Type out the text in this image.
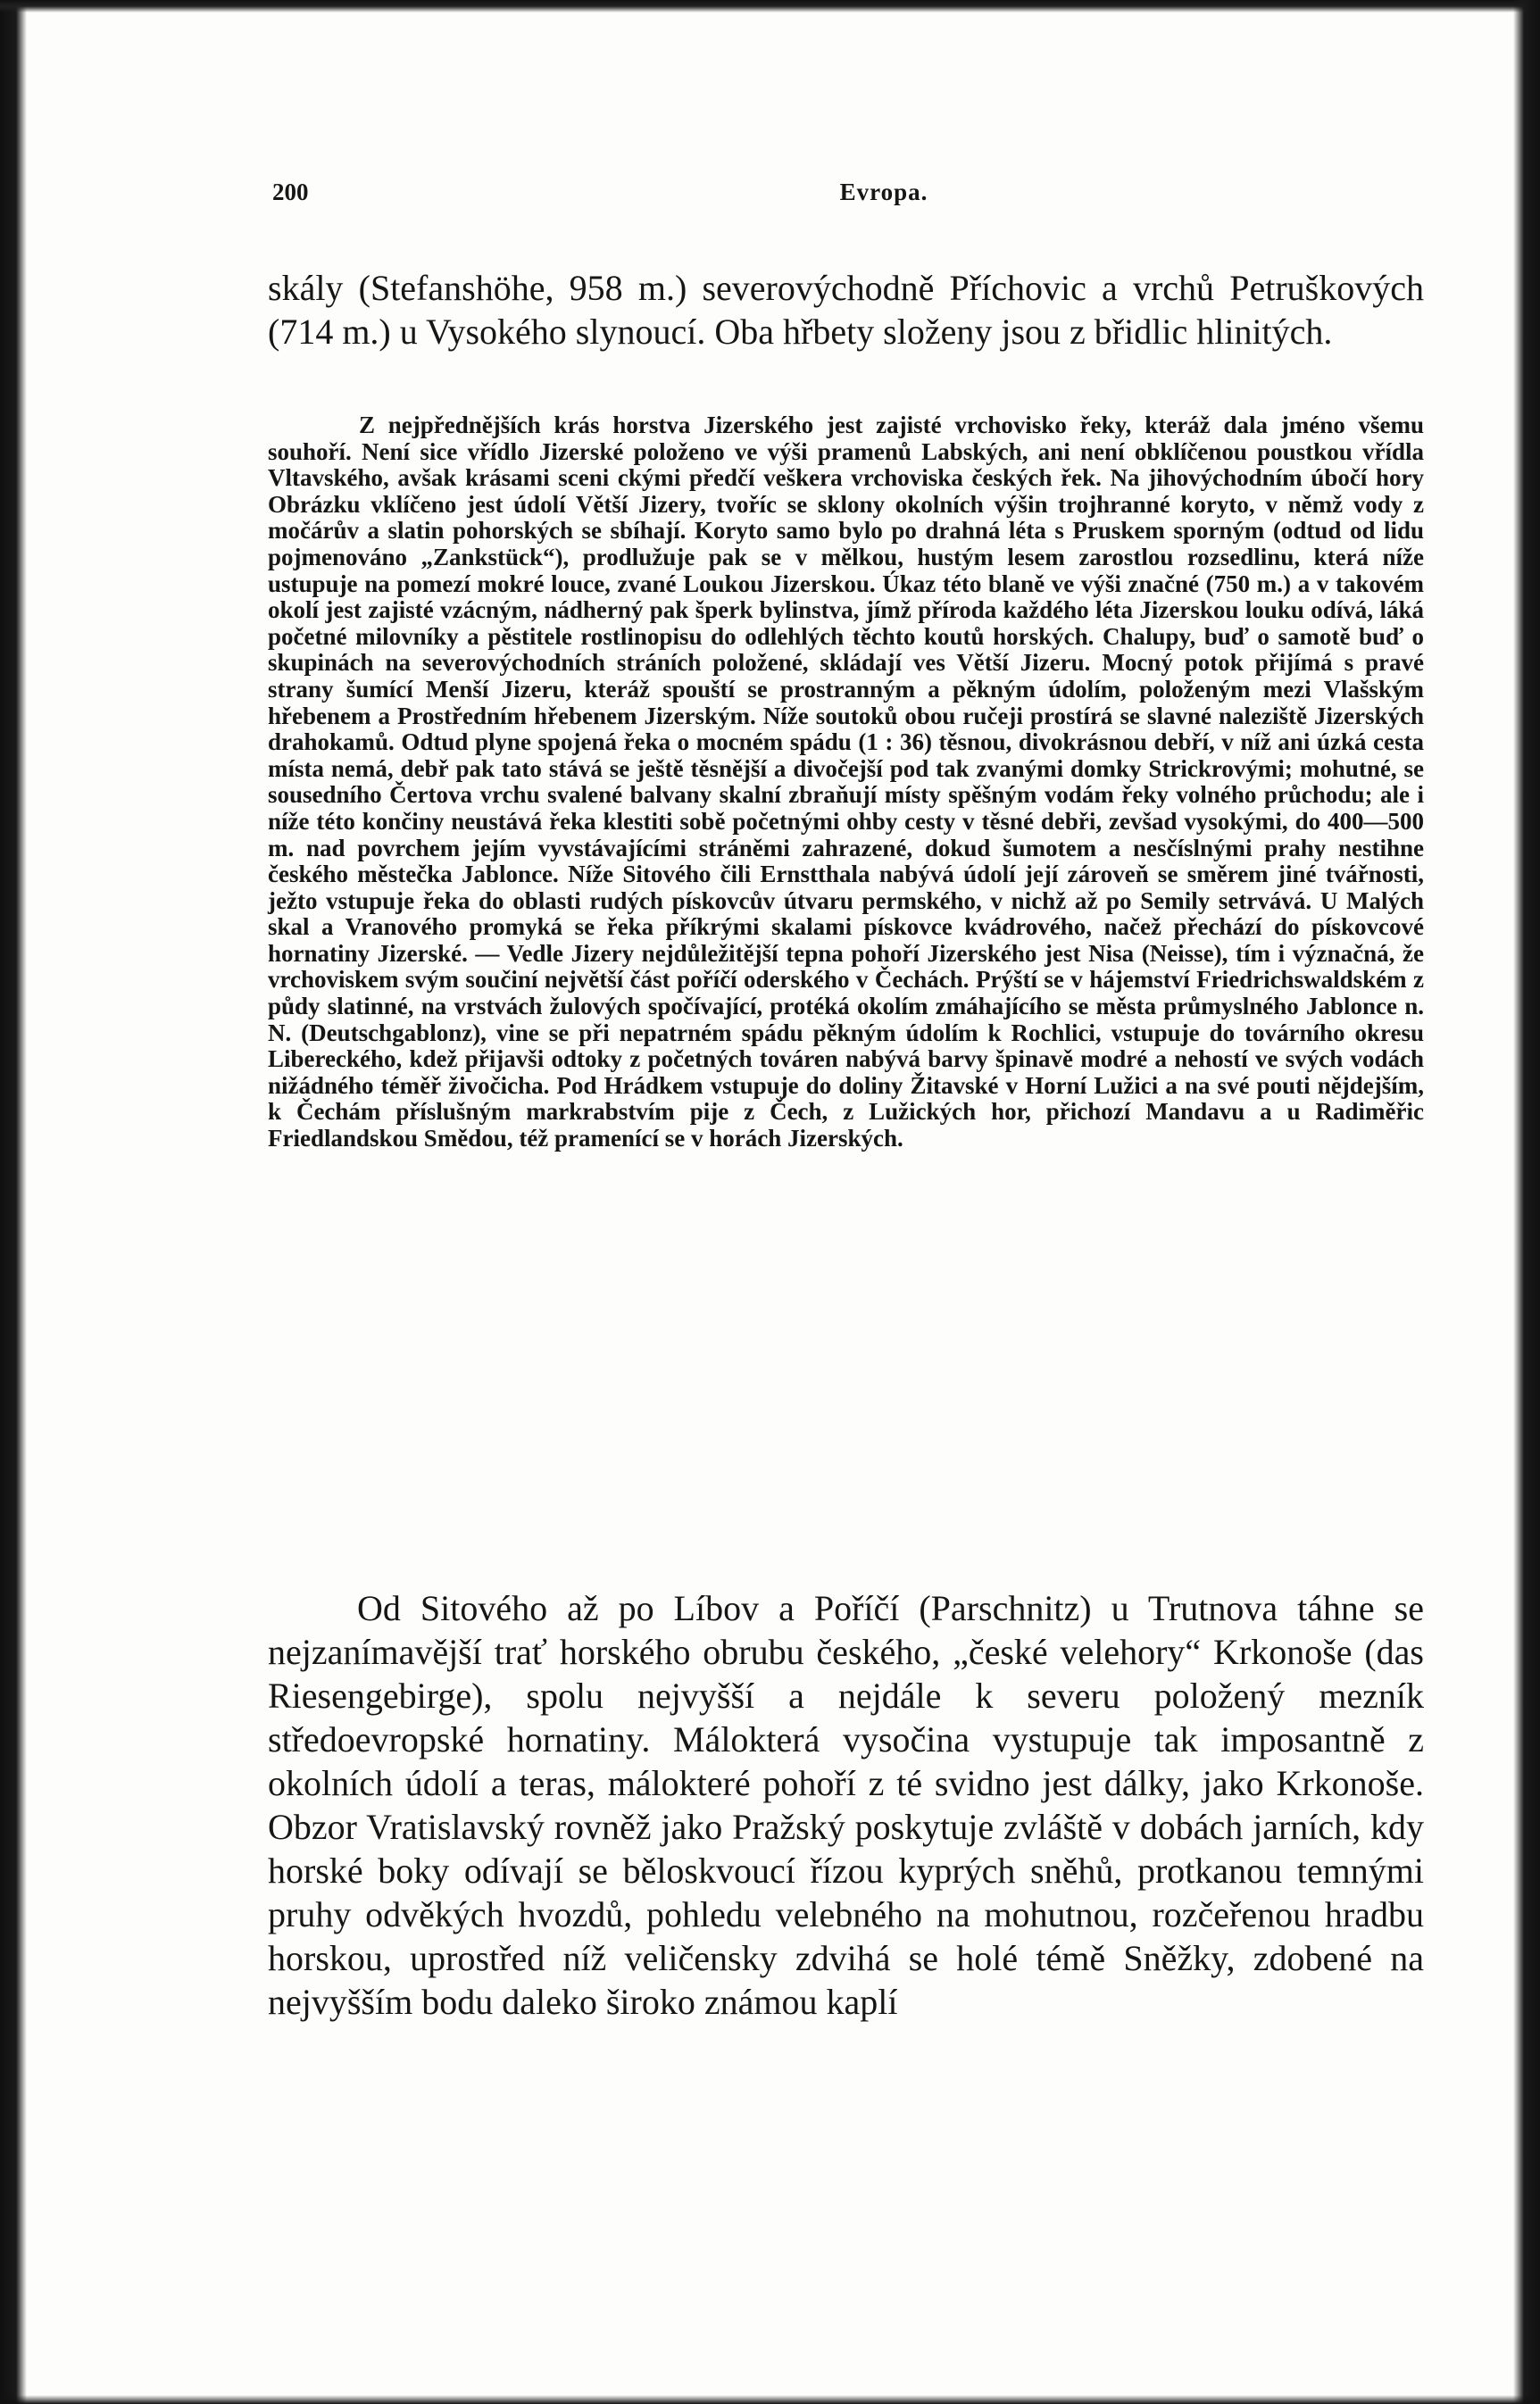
200	Evropa.

skály (Stefanshöhe, 958 m.) severovýchodně Příchovic a vrchů Petruškových (714 m.) u Vysokého slynoucí. Oba hřbety složeny jsou z břidlic hlinitých.

Z nejpřednějších krás horstva Jizerského jest zajisté vrchovisko řeky, kteráž dala jméno všemu souhoří. Není sice vřídlo Jizerské položeno ve výši pramenů Labských, ani není obklíčenou poustkou vřídla Vltavského, avšak krásami sceni ckými předčí veškera vrchoviska českých řek. Na jihovýchodním úbočí hory Obrázku vklíčeno jest údolí Větší Jizery, tvoříc se sklony okolních výšin trojhranné koryto, v němž vody z močárův a slatin pohorských se sbíhají. Koryto samo bylo po drahná léta s Pruskem sporným (odtud od lidu pojmenováno „Zankstück“), prodlužuje pak se v mělkou, hustým lesem zarostlou rozsedlinu, která níže ustupuje na pomezí mokré louce, zvané Loukou Jizerskou. Úkaz této blaně ve výši značné (750 m.) a v takovém okolí jest zajisté vzácným, nádherný pak šperk bylinstva, jímž příroda každého léta Jizerskou louku odívá, láká početné milovníky a pěstitele rostlinopisu do odlehlých těchto koutů horských. Chalupy, buď o samotě buď o skupinách na severovýchodních stráních položené, skládají ves Větší Jizeru. Mocný potok přijímá s pravé strany šumící Menší Jizeru, kteráž spouští se prostranným a pěkným údolím, položeným mezi Vlašským hřebenem a Prostředním hřebenem Jizerským. Níže soutoků obou ručeji prostírá se slavné naleziště Jizerských drahokamů. Odtud plyne spojená řeka o mocném spádu (1 : 36) těsnou, divokrásnou debří, v níž ani úzká cesta místa nemá, debř pak tato stává se ještě těsnější a divočejší pod tak zvanými domky Strickrovými; mohutné, se sousedního Čertova vrchu svalené balvany skalní zbraňují místy spěšným vodám řeky volného průchodu; ale i níže této končiny neustává řeka klestiti sobě početnými ohby cesty v těsné debři, zevšad vysokými, do 400—500 m. nad povrchem jejím vyvstávajícími stráněmi zahrazené, dokud šumotem a nesčíslnými prahy nestihne českého městečka Jablonce. Níže Sitového čili Ernstthala nabývá údolí její zároveň se směrem jiné tvářnosti, ježto vstupuje řeka do oblasti rudých pískovcův útvaru permského, v nichž až po Semily setrvává. U Malých skal a Vranového promyká se řeka příkrými skalami pískovce kvádrového, načež přechází do pískovcové hornatiny Jizerské. — Vedle Jizery nejdůležitější tepna pohoří Jizerského jest Nisa (Neisse), tím i význačná, že vrchoviskem svým součiní největší část poříčí oderského v Čechách. Prýští se v hájemství Friedrichswaldském z půdy slatinné, na vrstvách žulových spočívající, protéká okolím zmáhajícího se města průmyslného Jablonce n. N. (Deutschgablonz), vine se při nepatrném spádu pěkným údolím k Rochlici, vstupuje do továrního okresu Libereckého, kdež přijavši odtoky z početných továren nabývá barvy špinavě modré a nehostí ve svých vodách nižádného téměř živočicha. Pod Hrádkem vstupuje do doliny Žitavské v Horní Lužici a na své pouti nějdejším, k Čechám příslušným markrabstvím pije z Čech, z Lužických hor, přichozí Mandavu a u Radiměřic Friedlandskou Smědou, též pramenící se v horách Jizerských.

Od Sitového až po Líbov a Poříčí (Parschnitz) u Trutnova táhne se nejzanímavější trať horského obrubu českého, „české velehory“ Krkonoše (das Riesengebirge), spolu nejvyšší a nejdále k severu položený mezník středoevropské hornatiny. Málokterá vysočina vystupuje tak imposantně z okolních údolí a teras, málokteré pohoří z té svidno jest dálky, jako Krkonoše. Obzor Vratislavský rovněž jako Pražský poskytuje zvláště v dobách jarních, kdy horské boky odívají se běloskvoucí řízou kyprých sněhů, protkanou temnými pruhy odvěkých hvozdů, pohledu velebného na mohutnou, rozčeřenou hradbu horskou, uprostřed níž veličensky zdvihá se holé témě Sněžky, zdobené na nejvyšším bodu daleko široko známou kaplí
